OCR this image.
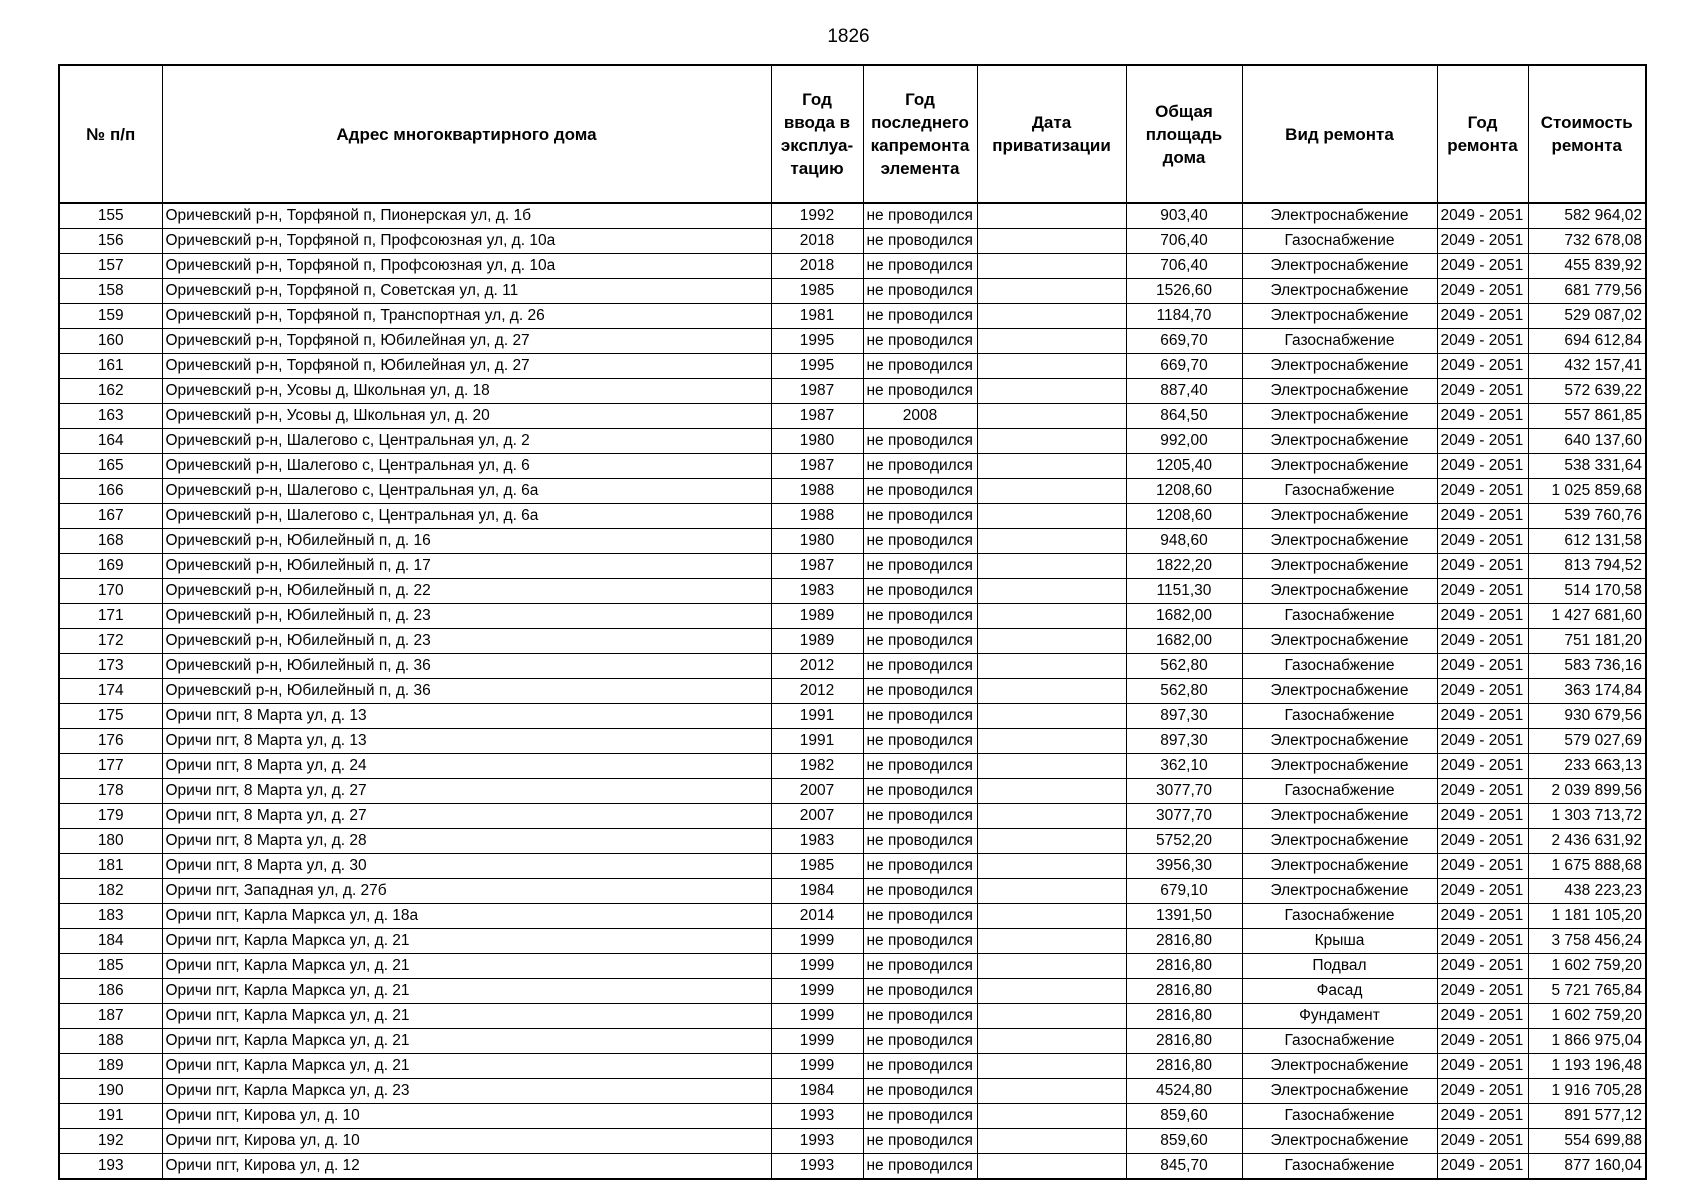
1826
№ п/п	Адрес многоквартирного дома	Год ввода в эксплуа-тацию	Год последнего капремонта элемента	Дата приватизации	Общая площадь дома	Вид ремонта	Год ремонта	Стоимость ремонта
155	Оричевский р-н, Торфяной п, Пионерская ул, д. 1б	1992	не проводился		903,40	Электроснабжение	2049 - 2051	582 964,02
156	Оричевский р-н, Торфяной п, Профсоюзная ул, д. 10а	2018	не проводился		706,40	Газоснабжение	2049 - 2051	732 678,08
157	Оричевский р-н, Торфяной п, Профсоюзная ул, д. 10а	2018	не проводился		706,40	Электроснабжение	2049 - 2051	455 839,92
158	Оричевский р-н, Торфяной п, Советская ул, д. 11	1985	не проводился		1526,60	Электроснабжение	2049 - 2051	681 779,56
159	Оричевский р-н, Торфяной п, Транспортная ул, д. 26	1981	не проводился		1184,70	Электроснабжение	2049 - 2051	529 087,02
160	Оричевский р-н, Торфяной п, Юбилейная ул, д. 27	1995	не проводился		669,70	Газоснабжение	2049 - 2051	694 612,84
161	Оричевский р-н, Торфяной п, Юбилейная ул, д. 27	1995	не проводился		669,70	Электроснабжение	2049 - 2051	432 157,41
162	Оричевский р-н, Усовы д, Школьная ул, д. 18	1987	не проводился		887,40	Электроснабжение	2049 - 2051	572 639,22
163	Оричевский р-н, Усовы д, Школьная ул, д. 20	1987	2008		864,50	Электроснабжение	2049 - 2051	557 861,85
164	Оричевский р-н, Шалегово с, Центральная ул, д. 2	1980	не проводился		992,00	Электроснабжение	2049 - 2051	640 137,60
165	Оричевский р-н, Шалегово с, Центральная ул, д. 6	1987	не проводился		1205,40	Электроснабжение	2049 - 2051	538 331,64
166	Оричевский р-н, Шалегово с, Центральная ул, д. 6а	1988	не проводился		1208,60	Газоснабжение	2049 - 2051	1 025 859,68
167	Оричевский р-н, Шалегово с, Центральная ул, д. 6а	1988	не проводился		1208,60	Электроснабжение	2049 - 2051	539 760,76
168	Оричевский р-н, Юбилейный п, д. 16	1980	не проводился		948,60	Электроснабжение	2049 - 2051	612 131,58
169	Оричевский р-н, Юбилейный п, д. 17	1987	не проводился		1822,20	Электроснабжение	2049 - 2051	813 794,52
170	Оричевский р-н, Юбилейный п, д. 22	1983	не проводился		1151,30	Электроснабжение	2049 - 2051	514 170,58
171	Оричевский р-н, Юбилейный п, д. 23	1989	не проводился		1682,00	Газоснабжение	2049 - 2051	1 427 681,60
172	Оричевский р-н, Юбилейный п, д. 23	1989	не проводился		1682,00	Электроснабжение	2049 - 2051	751 181,20
173	Оричевский р-н, Юбилейный п, д. 36	2012	не проводился		562,80	Газоснабжение	2049 - 2051	583 736,16
174	Оричевский р-н, Юбилейный п, д. 36	2012	не проводился		562,80	Электроснабжение	2049 - 2051	363 174,84
175	Оричи пгт, 8 Марта ул, д. 13	1991	не проводился		897,30	Газоснабжение	2049 - 2051	930 679,56
176	Оричи пгт, 8 Марта ул, д. 13	1991	не проводился		897,30	Электроснабжение	2049 - 2051	579 027,69
177	Оричи пгт, 8 Марта ул, д. 24	1982	не проводился		362,10	Электроснабжение	2049 - 2051	233 663,13
178	Оричи пгт, 8 Марта ул, д. 27	2007	не проводился		3077,70	Газоснабжение	2049 - 2051	2 039 899,56
179	Оричи пгт, 8 Марта ул, д. 27	2007	не проводился		3077,70	Электроснабжение	2049 - 2051	1 303 713,72
180	Оричи пгт, 8 Марта ул, д. 28	1983	не проводился		5752,20	Электроснабжение	2049 - 2051	2 436 631,92
181	Оричи пгт, 8 Марта ул, д. 30	1985	не проводился		3956,30	Электроснабжение	2049 - 2051	1 675 888,68
182	Оричи пгт, Западная ул, д. 27б	1984	не проводился		679,10	Электроснабжение	2049 - 2051	438 223,23
183	Оричи пгт, Карла Маркса ул, д. 18а	2014	не проводился		1391,50	Газоснабжение	2049 - 2051	1 181 105,20
184	Оричи пгт, Карла Маркса ул, д. 21	1999	не проводился		2816,80	Крыша	2049 - 2051	3 758 456,24
185	Оричи пгт, Карла Маркса ул, д. 21	1999	не проводился		2816,80	Подвал	2049 - 2051	1 602 759,20
186	Оричи пгт, Карла Маркса ул, д. 21	1999	не проводился		2816,80	Фасад	2049 - 2051	5 721 765,84
187	Оричи пгт, Карла Маркса ул, д. 21	1999	не проводился		2816,80	Фундамент	2049 - 2051	1 602 759,20
188	Оричи пгт, Карла Маркса ул, д. 21	1999	не проводился		2816,80	Газоснабжение	2049 - 2051	1 866 975,04
189	Оричи пгт, Карла Маркса ул, д. 21	1999	не проводился		2816,80	Электроснабжение	2049 - 2051	1 193 196,48
190	Оричи пгт, Карла Маркса ул, д. 23	1984	не проводился		4524,80	Электроснабжение	2049 - 2051	1 916 705,28
191	Оричи пгт, Кирова ул, д. 10	1993	не проводился		859,60	Газоснабжение	2049 - 2051	891 577,12
192	Оричи пгт, Кирова ул, д. 10	1993	не проводился		859,60	Электроснабжение	2049 - 2051	554 699,88
193	Оричи пгт, Кирова ул, д. 12	1993	не проводился		845,70	Газоснабжение	2049 - 2051	877 160,04
